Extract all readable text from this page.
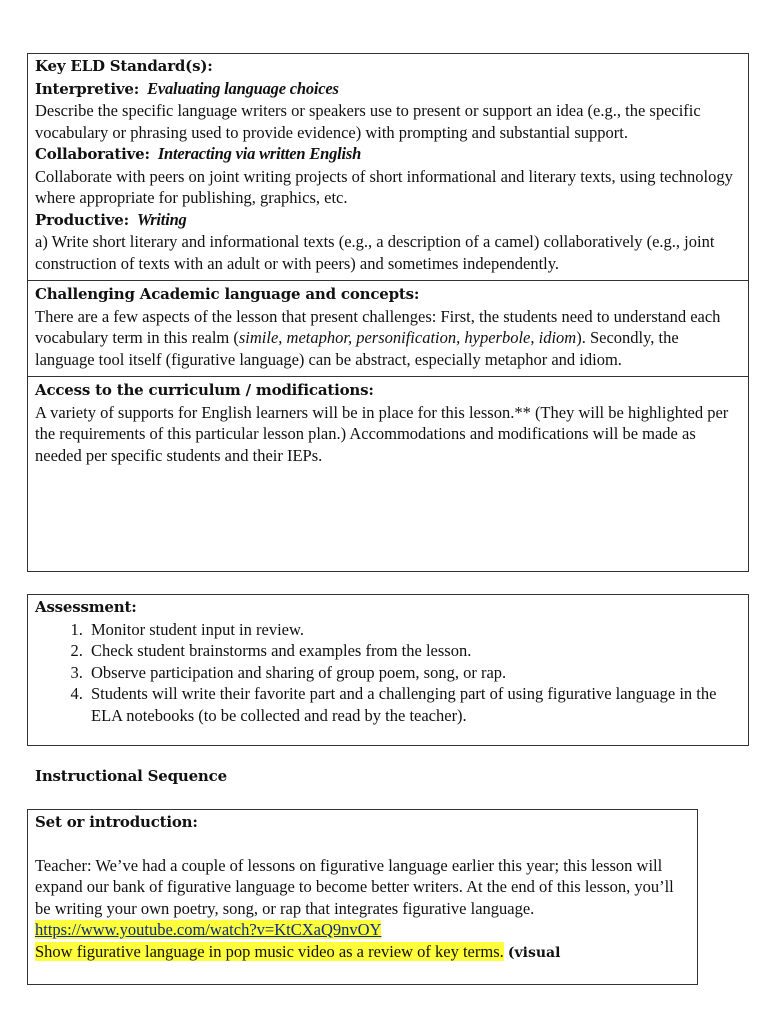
Key ELD Standard(s):
Interpretive: Evaluating language choices

Describe the specific language writers or speakers use to present or support an idea (e.g., the specific vocabulary or phrasing used to provide evidence) with prompting and substantial support.

Collaborative: Interacting via written English

Collaborate with peers on joint writing projects of short informational and literary texts, using technology where appropriate for publishing, graphics, etc.

Productive: Writing

a) Write short literary and informational texts (e.g., a description of a camel) collaboratively (e.g., joint construction of texts with an adult or with peers) and sometimes independently.

Challenging Academic language and concepts:

There are a few aspects of the lesson that present challenges: First, the students need to understand each vocabulary term in this realm (simile, metaphor, personification, hyperbole, idiom). Secondly, the language tool itself (figurative language) can be abstract, especially metaphor and idiom.

Access to the curriculum / modifications:

A variety of supports for English learners will be in place for this lesson.** (They will be highlighted per the requirements of this particular lesson plan.) Accommodations and modifications will be made as needed per specific students and their IEPs.

Assessment:
1. Monitor student input in review.
2. Check student brainstorms and examples from the lesson.
3. Observe participation and sharing of group poem, song, or rap.
4. Students will write their favorite part and a challenging part of using figurative language in the ELA notebooks (to be collected and read by the teacher).
Instructional Sequence
Set or introduction:

Teacher: We’ve had a couple of lessons on figurative language earlier this year; this lesson will expand our bank of figurative language to become better writers. At the end of this lesson, you’ll be writing your own poetry, song, or rap that integrates figurative language.

https://www.youtube.com/watch?v=KtCXaQ9nvOY

Show figurative language in pop music video as a review of key terms. (visual
